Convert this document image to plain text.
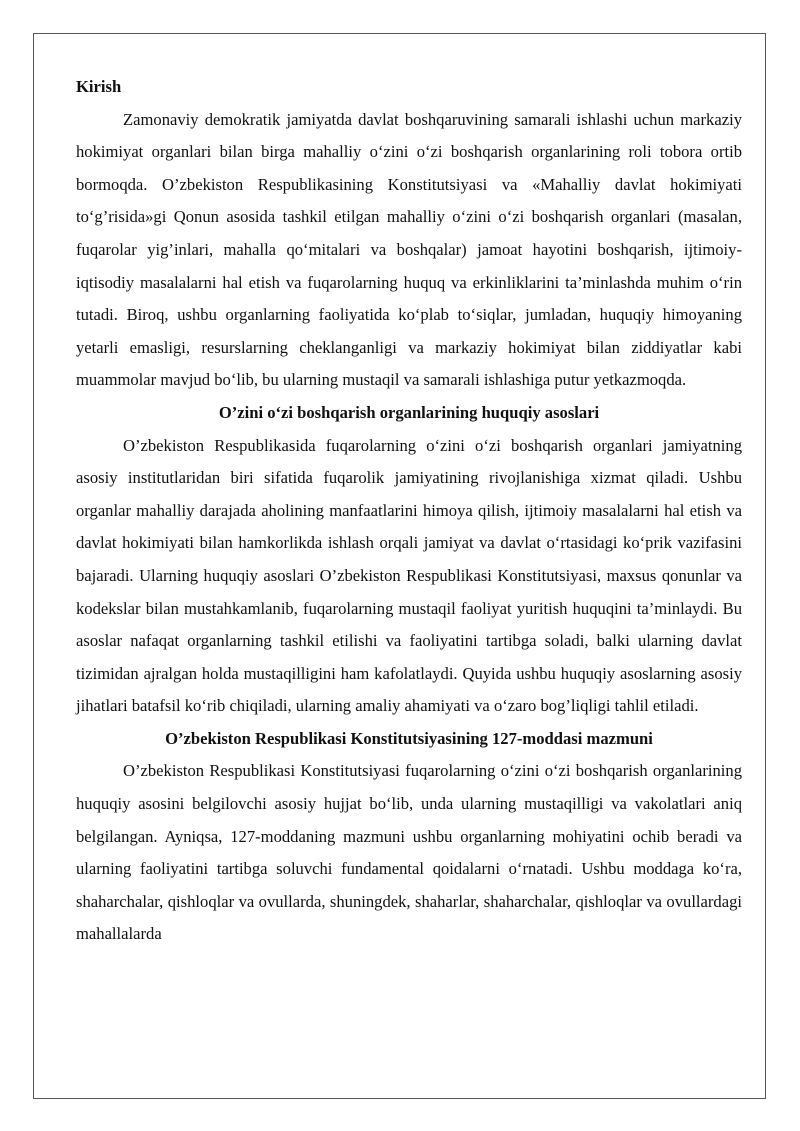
Kirish

Zamonaviy demokratik jamiyatda davlat boshqaruvining samarali ishlashi uchun markaziy hokimiyat organlari bilan birga mahalliy o‘zini o‘zi boshqarish organlarining roli tobora ortib bormoqda. O’zbekiston Respublikasining Konstitutsiyasi va «Mahalliy davlat hokimiyati to‘g’risida»gi Qonun asosida tashkil etilgan mahalliy o‘zini o‘zi boshqarish organlari (masalan, fuqarolar yig’inlari, mahalla qo‘mitalari va boshqalar) jamoat hayotini boshqarish, ijtimoiy-iqtisodiy masalalarni hal etish va fuqarolarning huquq va erkinliklarini ta’minlashda muhim o‘rin tutadi. Biroq, ushbu organlarning faoliyatida ko‘plab to‘siqlar, jumladan, huquqiy himoyaning yetarli emasligi, resurslarning cheklanganligi va markaziy hokimiyat bilan ziddiyatlar kabi muammolar mavjud bo‘lib, bu ularning mustaqil va samarali ishlashiga putur yetkazmoqda.

O’zini o‘zi boshqarish organlarining huquqiy asoslari

O’zbekiston Respublikasida fuqarolarning o‘zini o‘zi boshqarish organlari jamiyatning asosiy institutlaridan biri sifatida fuqarolik jamiyatining rivojlanishiga xizmat qiladi. Ushbu organlar mahalliy darajada aholining manfaatlarini himoya qilish, ijtimoiy masalalarni hal etish va davlat hokimiyati bilan hamkorlikda ishlash orqali jamiyat va davlat o‘rtasidagi ko‘prik vazifasini bajaradi. Ularning huquqiy asoslari O’zbekiston Respublikasi Konstitutsiyasi, maxsus qonunlar va kodekslar bilan mustahkamlanib, fuqarolarning mustaqil faoliyat yuritish huquqini ta’minlaydi. Bu asoslar nafaqat organlarning tashkil etilishi va faoliyatini tartibga soladi, balki ularning davlat tizimidan ajralgan holda mustaqilligini ham kafolatlaydi. Quyida ushbu huquqiy asoslarning asosiy jihatlari batafsil ko‘rib chiqiladi, ularning amaliy ahamiyati va o‘zaro bog’liqligi tahlil etiladi.

O’zbekiston Respublikasi Konstitutsiyasining 127-moddasi mazmuni

O’zbekiston Respublikasi Konstitutsiyasi fuqarolarning o‘zini o‘zi boshqarish organlarining huquqiy asosini belgilovchi asosiy hujjat bo‘lib, unda ularning mustaqilligi va vakolatlari aniq belgilangan. Ayniqsa, 127-moddaning mazmuni ushbu organlarning mohiyatini ochib beradi va ularning faoliyatini tartibga soluvchi fundamental qoidalarni o‘rnatadi. Ushbu moddaga ko‘ra, shaharchalar, qishloqlar va ovullarda, shuningdek, shaharlar, shaharchalar, qishloqlar va ovullardagi mahallalarda
